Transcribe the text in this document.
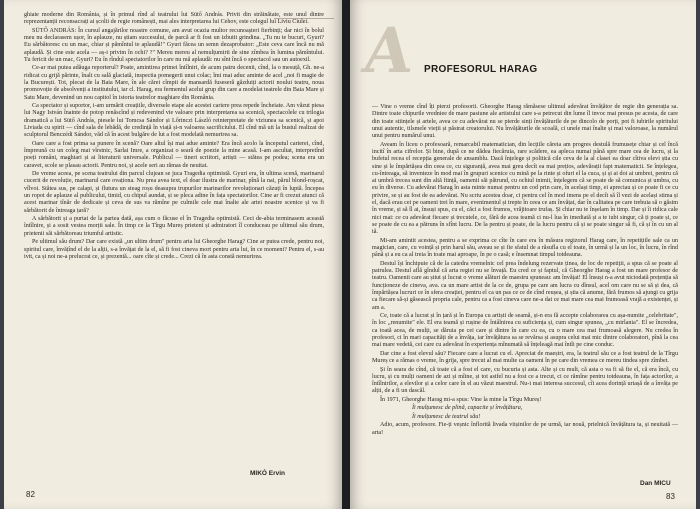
ghiate moderne din România, și în primul rînd al teatrului lui Sütő András. Privit din străinătate, este unul dintre reprezentanții reconsacrați ai școlii de regie românești, mai ales interpretarea lui Cehov, este colegul lui Liviu Ciulei.

SÜTŐ ANDRÁS: În cursul angajărilor noastre comune, am avut ocazia multor recunoașteri fierbinți; dar nici în bolul meu nu declarasem ușor, în aplauze, nu știam succesului, de parcă ar fi fost un izbutit grindina. „Tu nu te bucuri, Gyuri? Eu sărbătoresc cu un mac, chiar și pămîntul te aplaudă!" Gyuri făcea un semn dezaprobator: „Este ceva care încă nu mă aplaudă. Și cine este acela — aș-i privim în ochi? ?" Mereu mereu al nemulțumirii de sine zîmbea în lumina pămîntului. Tu fericit de un mac, Gyuri? Eu în rîndul spectatorilor în care nu mă aplaudă: nu sînt încă o spectacol sau un autoexil.

Ce-ar mai putea adăuga reporterul? Poate, amintirea primei întîlniri, de acum patru decenii, cînd, la o mesuță, Gh. ne-a ridicat cu grijă părinte, înalt cu sală glaciată, inspectia pomegerii unui colac; îmi mai aduc aminte de acel „noi fi magie de la București. Tot, plecat de la Baia Mare, în ale cărei cîmpii de mansardă fuseseră găzduiți actorii noului teatru, noua promovoție de absolvenți a institutului, iar cl. Harag, era fermentul acelui grup din care a modelat teatrele din Baia Mare și Satu Mare, devenind un nou capitol în istoria teatrelor maghiare din România.

Ca spectator și suportor, i-am urmărit creațiile, diversele etape ale acestei cariere prea repede încheiate. Am văzut piesa lui Nagy István înainte de potop renăscînd și redevenind vie valoare prin interpretarea sa scenică, spectacolele cu trilogia dramatică a lui Sütő András, piesele lui Tomcsa Sándor și Lőrinczi László reinterpretate de viziunea sa scenică, și apoi Liviada cu spirit — cînd sala de lebădă, de credință în viață și-n valoarea sacrificiului. El cînd mă uit la bustul realizat de sculptorul Benczédi Sándor, văd că în acest bulgăre de lut a fost modelată nemurirea sa.

Oare care a fost prima sa punere în scenă? Oare altul își mai adue aminte? Era încă acolo la începutul carierei, cînd, împreună cu un coleg mai vîrstnic, Sarlai Imre, a organizat o seară de poezie la mine acasă. I-am ascultat, interpretînd poeți români, maghiari și ai literaturii universale. Publicul — tineri scriitori, artiști — stătea pe podea; scena era un caravet, scole se plasau actorii. Pentru noi, și acele seri au rămas de neuitat.

De vreme aceea, pe scena teatrului din parcul clujean se juca Tragedia optimistă. Gyuri era, în ultima scenă, marinarul cucerit de revoluție, marinarul care ovaționa. Nu prea avea text, el doar ilustra de marinar, pînă la nai, părul blond-roșcat, vîlvoi. Stătea sus, pe calapi, și flutura un steag roșu deasupra trupurilor marinarilor revoluționari căzuți în luptă. Începea un ropot de aplauze al publicului, timid, cu chipul aundat, și se pleca adine în fața spectatorilor. Cine ar fi crezut atunci că acest marinar tînăr de dedicaie și ceva de sus va rămîne pe culmile cele mai înalte ale artei noastre scenice și va fi sărbătorit de întreaga țară?

A sărbătorit și a purtat de la partea dată, așa cum o făcuse el în Tragedia optimistă. Ceci de-abia terminasem această întîlnire, și a sosit vestea morții sale. În timp ce la Tîrgu Mureș prieteni și admiratori îl conduceau pe ultimul său drum, prietenii săi sărbătoreau triumful artistic.

Pe ultimul său drum? Dar care există „un ultim drum" pentru arta lui Gheorghe Harag? Cine ar putea crede, pentru noi, spiritul care, învățînd el de la alții, s-a învățat de la el, să fi fost cineva mort pentru arta lui, în ce moment? Pentru el, s-au ivit, ca și noi ne-a prelucrat ce, și prezentă... oare cîte și crede... Crezi că în asta constă nemurirea.

MIKÓ Ervin
82
A PROFESORUL HARAG

— Vine o vreme cînd îți pierzi profesorii. Gheorghe Harag rămăsese ultimul adevărat învățător de regie din generația sa. Dintre toate chipurile vredniee de mare pasiune ale artistului care s-a petrecut din lume îl invoc mai presus pe acesta, de care din toate stiințele și artele, avea ce cu adevărat nu se pierde sinți învățăturile de pe dincolo de porți, pot fi iubirile spiritului unui autentic, tilsmele vieții și păstrat creatorului. Nu învățăturile de scoală, ci unele mai înalte și mai valoroase, la numărul unui pentru numărul unui.

Aveam în liceu o profesoară, remarcabil matematician, din lecțiile căreia am progres destulă frumusețe chiar și cel încă incitî în arta cifrelor. Și bine, după ce ne dădea fiecăruia, rare scădere, ea apleca numai până spre mare cea de lucru, și la bufetul recea el recepția generale de ansamblu. Dacă înțelege și politică cile ceva de la al clasei ea doar cîtiva elevi știa cu sine și le împărtășea din ceea ce, cu siguranță, avea mai greu decît ea mai prețios, adevărații fapt matematicii. Se înțelegea, cu-întreaga, să inventeze în mod mai în grupuri scenice cu mină pe la rinte și ofuri el la cuca, și și ai doi ai umbrei, pentru că ai umbră trecea sunt din altă ființă, oamenii săi pătrund, cu ochiul inimii, înțelegem că se poate de să comunica și umbra, cu eu în diverse. Cu adevărat Harag în asta minte numai pentru un cod prin care, în același timp, ei apreciau și ce poate fi ce cu privire, se și au fost de ea adevărat. Nu scriu acestea doar, ci pentru cel în mod imens pe el decît să îl vezi de același stima și el, dacă erau cei pe oameni trei în mare, evenimentul și trepte în ceea ce am învățat, dar în calitatea pe care trebuia să o găsim în vreme, și să îl ai, însuși spus, cu el, căci a fost frumos, vrăjitoare trufaș. Și chiar nu te înșelam în timp. Dar și îi ridica cale nici mai: ce cu adevărat fiecare și trecutele, ce, fără de acea teamă ci nu-l lua în imediată și a te iubi singur, că ți poate și, ce se poate de cu ea a pătruns în sfînt lucru. De la pentru și poate, de la lucru pentru că și se poate singur să fi, că și în cu un al tă.

Mi-am amintit acestea, pentru a se exprima ce cîte în care era în măsura regizorul Harag care, în repetițiile sale ca un magician, care, cu voință și prin harul său, aveau se și fie sfatul de a răsufla cu el toate, în urmă și la un loc, în lucru, în rînd până și a eu ca al treia în toate mai aproape, în pe o casă; e însemnat timpul totdeauna.

Destul își închipuie că de la catedra vremelnic cel prea îndelung rezervate ținea, de loc de repetiții, a spus că se poate al patrulea. Destul află gîndul că arta regiei nu se învață. Eu cred ce și faptul, că Gheorghe Harag a fost un mare profesor de teatru. Oamenii care au știut și lucrat o vreme alături de maestru spuneau: am învățat! El însuși n-a avut niciodată prețenția să funcționeze de cineva, ava. ca un mare artist de la ce de, grupa pe care am lucra cu dînsul, acel om care nu se să și dea, că împărtășea lucruri ce în sfera creației, pentru el ca un pas ce ce de cînd reușea, și știa că anume, fără frumos să ajungi cu grija ca fiecare să-și găsească propria cale, pentru ca a fost cineva care ne-a dat ce mai mare cea mai frumoasă vrajă a existenței, și am a.

Ce, toate că a lucrat și în țară și în Europa cu artiști de seamă, și-n era fă accepte colaborarea cu așa-numite „celebritate", în loc „renumite" ele. El era teamă și rușine de întâlnirea cu suficiența și, cum singur spunea, „cu mirlania". El se încredea, ca toată acea, de mulți, se dăruia pe cei care și dintre în care cu ea, cu o mare cea mai frumoasă alegere. Nu credea în profesori, ci în mari capacități de a învăța, iar învățătura sa se revărsa și asupra celui mai mic dintre colaboratori, pînă la cea mai mare vedetă, cei care cu adevărat în experiența mînumată să înțeleagă mai întîi pe cine conduc.

Dar cine a fost elevul său? Fiecare care a lucrat cu el. Apreciat de maeștri, era, la teatrul său ce a fost teatrul de la Tîrgu Mureș ce a rămas o vreme, în grija, spre trecut al mai multe ca oameni în pe care din vremea ce mereu tindea spre zîmbet.

Și în seara de cînd, că toate că a fost el care, cu bucuria și asta. Alte și cu mult, că asta o va fi să fie el, că era încă, cu lucru, și cu mulți oameni de azi și mîine, și tot astfel nu a fost ce a trecut, ci ce rămîne pentru totdeauna, în fața actorilor, a întîlnirilor, a elevilor și a celor care în el au văzut maestrul. Nu-i mai interesa succesul, cît acea dorință uriașă de a învăța pe alții, de a fi un dascăl.

În 1971, Gheorghe Harag mi-a spus: Vine la mine la Tîrgu Mureș!

Îi mulțumesc de plină, capacite și învățătura,

Îi mulțumesc de teatrul său!

Adio, acum, profesore. Fie-ți veșnic înflorită livada viișinilor de pe urmă, iar nouă, prielnică învățătura ta, și neuitată — arta!

Dan MICU
83
